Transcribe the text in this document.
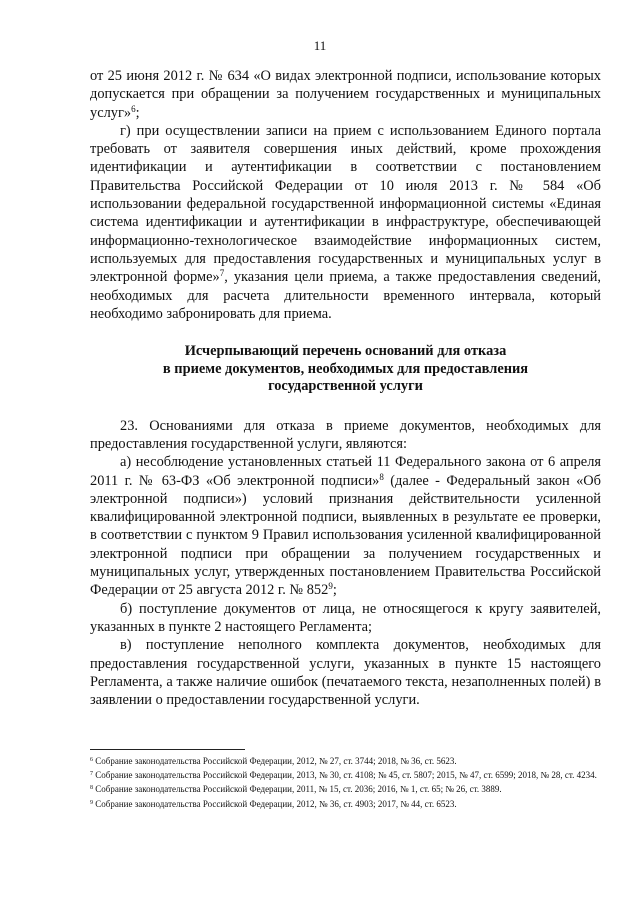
11

от 25 июня 2012 г. № 634 «О видах электронной подписи, использование которых допускается при обращении за получением государственных и муниципальных услуг»$^6$;

г) при осуществлении записи на прием с использованием Единого портала требовать от заявителя совершения иных действий, кроме прохождения идентификации и аутентификации в соответствии с постановлением Правительства Российской Федерации от 10 июля 2013 г. № 584 «Об использовании федеральной государственной информационной системы «Единая система идентификации и аутентификации в инфраструктуре, обеспечивающей информационно-технологическое взаимодействие информационных систем, используемых для предоставления государственных и муниципальных услуг в электронной форме»$^7$, указания цели приема, а также предоставления сведений, необходимых для расчета длительности временного интервала, который необходимо забронировать для приема.

Исчерпывающий перечень оснований для отказа
в приеме документов, необходимых для предоставления
государственной услуги

23. Основаниями для отказа в приеме документов, необходимых для предоставления государственной услуги, являются:

а) несоблюдение установленных статьей 11 Федерального закона от 6 апреля 2011 г. № 63-ФЗ «Об электронной подписи»$^8$ (далее - Федеральный закон «Об электронной подписи») условий признания действительности усиленной квалифицированной электронной подписи, выявленных в результате ее проверки, в соответствии с пунктом 9 Правил использования усиленной квалифицированной электронной подписи при обращении за получением государственных и муниципальных услуг, утвержденных постановлением Правительства Российской Федерации от 25 августа 2012 г. № $852^9$;

б) поступление документов от лица, не относящегося к кругу заявителей, указанных в пункте 2 настоящего Регламента;

в) поступление неполного комплекта документов, необходимых для предоставления государственной услуги, указанных в пункте 15 настоящего Регламента, а также наличие ошибок (печатаемого текста, незаполненных полей) в заявлении о предоставлении государственной услуги.

$^6$ Собрание законодательства Российской Федерации, 2012, № 27, ст. 3744; 2018, № 36, ст. 5623.

$^7$ Собрание законодательства Российской Федерации, 2013, № 30, ст. 4108; № 45, ст. 5807; 2015, № 47, ст. 6599; 2018, № 28, ст. 4234.

$^8$ Собрание законодательства Российской Федерации, 2011, № 15, ст. 2036; 2016, № 1, ст. 65; № 26, ст. 3889.

$^9$ Собрание законодательства Российской Федерации, 2012, № 36, ст. 4903; 2017, № 44, ст. 6523.
